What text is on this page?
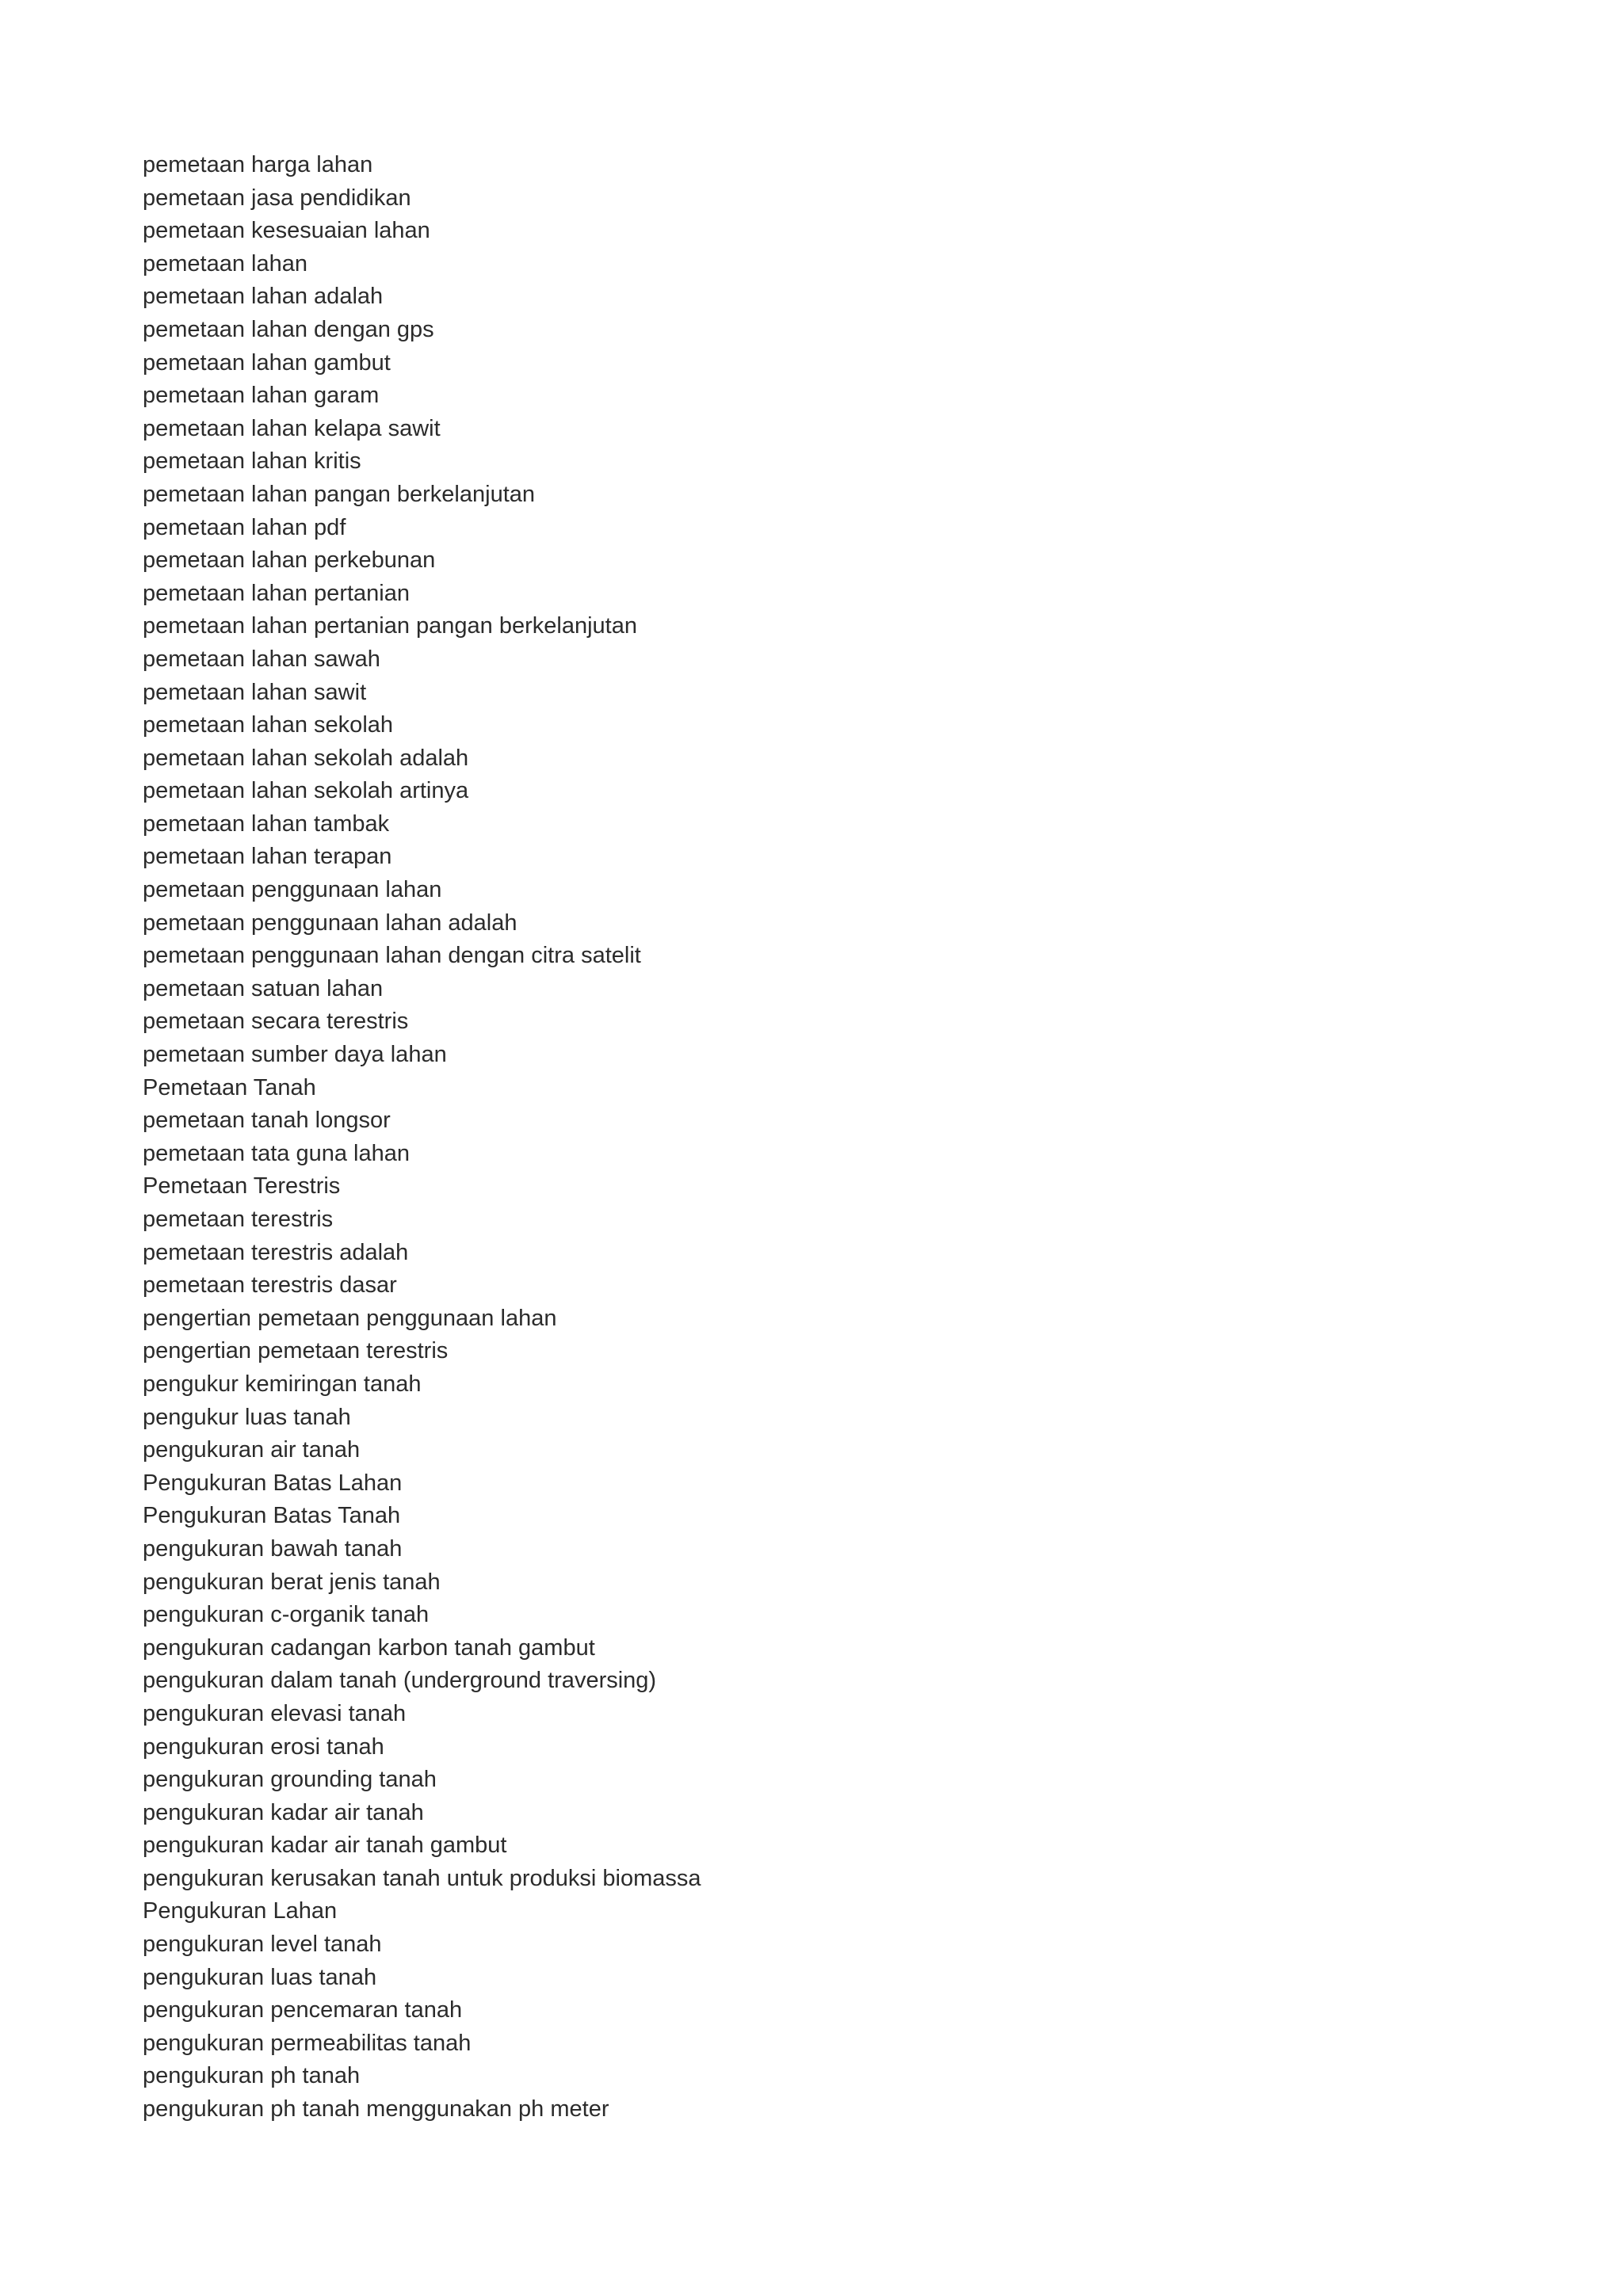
pemetaan harga lahan
pemetaan jasa pendidikan
pemetaan kesesuaian lahan
pemetaan lahan
pemetaan lahan adalah
pemetaan lahan dengan gps
pemetaan lahan gambut
pemetaan lahan garam
pemetaan lahan kelapa sawit
pemetaan lahan kritis
pemetaan lahan pangan berkelanjutan
pemetaan lahan pdf
pemetaan lahan perkebunan
pemetaan lahan pertanian
pemetaan lahan pertanian pangan berkelanjutan
pemetaan lahan sawah
pemetaan lahan sawit
pemetaan lahan sekolah
pemetaan lahan sekolah adalah
pemetaan lahan sekolah artinya
pemetaan lahan tambak
pemetaan lahan terapan
pemetaan penggunaan lahan
pemetaan penggunaan lahan adalah
pemetaan penggunaan lahan dengan citra satelit
pemetaan satuan lahan
pemetaan secara terestris
pemetaan sumber daya lahan
Pemetaan Tanah
pemetaan tanah longsor
pemetaan tata guna lahan
Pemetaan Terestris
pemetaan terestris
pemetaan terestris adalah
pemetaan terestris dasar
pengertian pemetaan penggunaan lahan
pengertian pemetaan terestris
pengukur kemiringan tanah
pengukur luas tanah
pengukuran air tanah
Pengukuran Batas Lahan
Pengukuran Batas Tanah
pengukuran bawah tanah
pengukuran berat jenis tanah
pengukuran c-organik tanah
pengukuran cadangan karbon tanah gambut
pengukuran dalam tanah (underground traversing)
pengukuran elevasi tanah
pengukuran erosi tanah
pengukuran grounding tanah
pengukuran kadar air tanah
pengukuran kadar air tanah gambut
pengukuran kerusakan tanah untuk produksi biomassa
Pengukuran Lahan
pengukuran level tanah
pengukuran luas tanah
pengukuran pencemaran tanah
pengukuran permeabilitas tanah
pengukuran ph tanah
pengukuran ph tanah menggunakan ph meter
